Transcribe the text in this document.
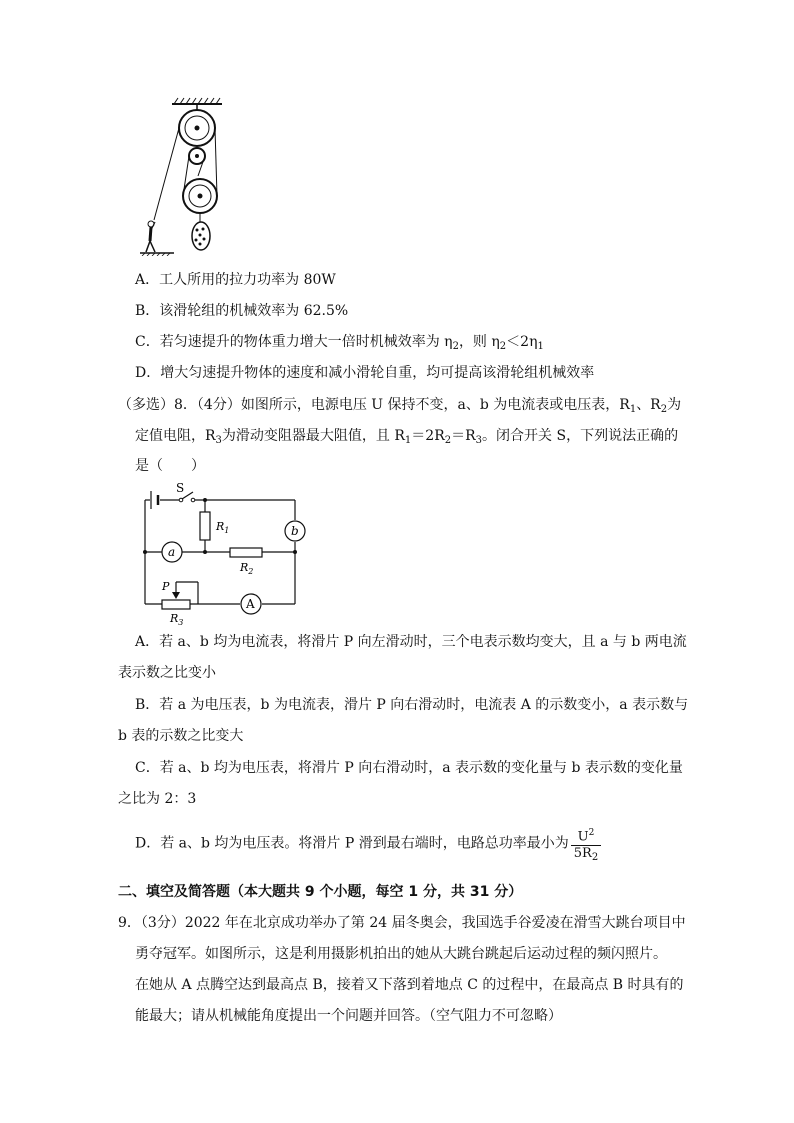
A．工人所用的拉力功率为 80W
B．该滑轮组的机械效率为 62.5%
C．若匀速提升的物体重力增大一倍时机械效率为 $\eta_2$，则 $\eta_2<2\eta_1$
D．增大匀速提升物体的速度和减小滑轮自重，均可提高该滑轮组机械效率
（多选）8．（4分）如图所示，电源电压 U 保持不变，a、b 为电流表或电压表，$R_1$、$R_2$为
定值电阻，$R_3$为滑动变阻器最大阻值，且 $R_1=2R_2=R_3$。闭合开关 S，下列说法正确的
是（　　）
S
$R_1$
$R_2$
$R_3$
P
a
b
A
A．若 a、b 均为电流表，将滑片 P 向左滑动时，三个电表示数均变大，且 a 与 b 两电流
表示数之比变小
B．若 a 为电压表，b 为电流表，滑片 P 向右滑动时，电流表 A 的示数变小，a 表示数与
b 表的示数之比变大
C．若 a、b 均为电压表，将滑片 P 向右滑动时，a 表示数的变化量与 b 表示数的变化量
之比为 2：3
D．若 a、b 均为电压表。将滑片 P 滑到最右端时，电路总功率最小为 $\frac{U^2}{5R_2}$
二、填空及简答题（本大题共 9 个小题，每空 1 分，共 31 分）
9．（3分）2022 年在北京成功举办了第 24 届冬奥会，我国选手谷爱凌在滑雪大跳台项目中
勇夺冠军。如图所示，这是利用摄影机拍出的她从大跳台跳起后运动过程的频闪照片。
在她从 A 点腾空达到最高点 B，接着又下落到着地点 C 的过程中，在最高点 B 时具有的
能最大；请从机械能角度提出一个问题并回答。（空气阻力不可忽略）
